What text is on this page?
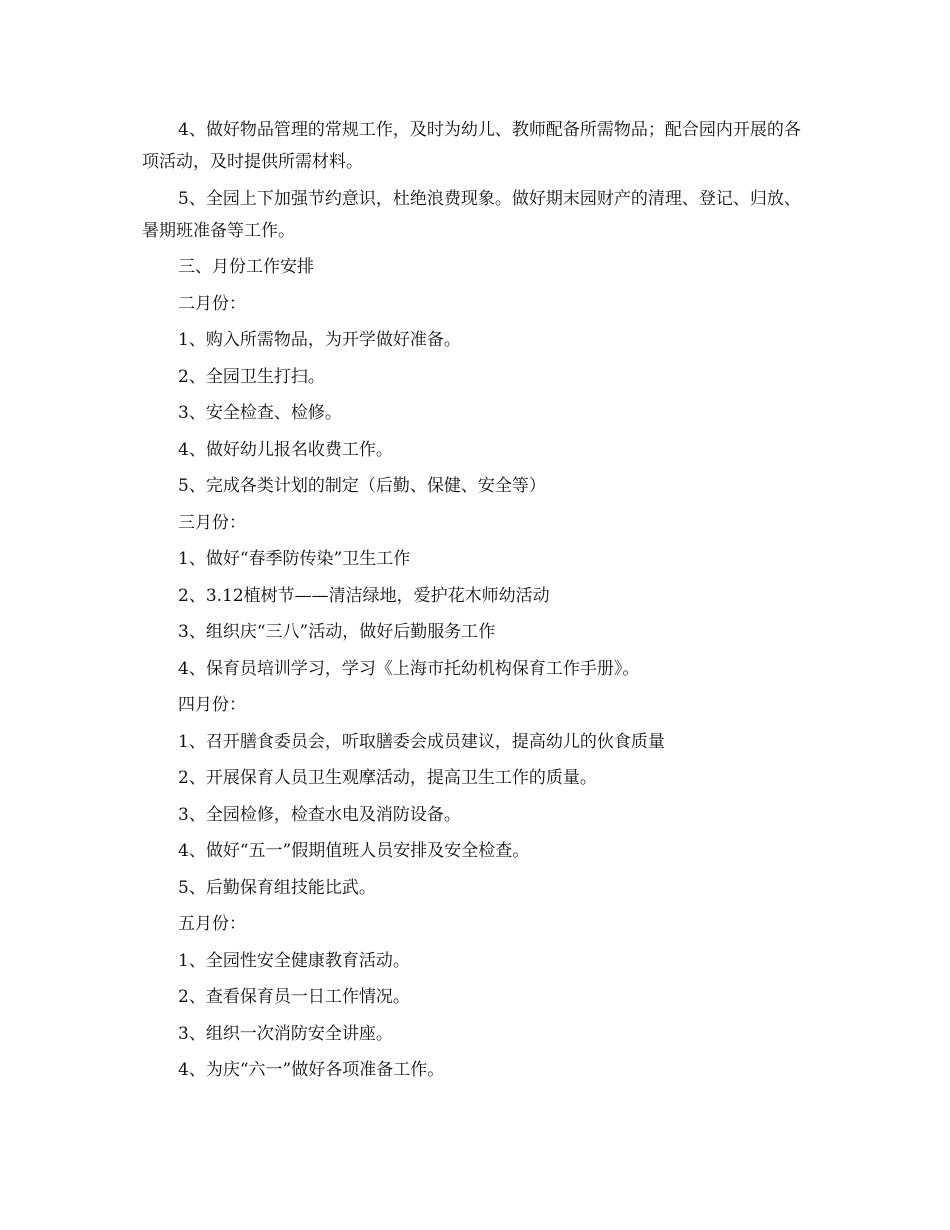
4、做好物品管理的常规工作，及时为幼儿、教师配备所需物品；配合园内开展的各项活动，及时提供所需材料。

5、全园上下加强节约意识，杜绝浪费现象。做好期末园财产的清理、登记、归放、暑期班准备等工作。

三、月份工作安排
二月份：
1、购入所需物品，为开学做好准备。
2、全园卫生打扫。
3、安全检查、检修。
4、做好幼儿报名收费工作。
5、完成各类计划的制定（后勤、保健、安全等）
三月份：
1、做好“春季防传染”卫生工作
2、3.12植树节——清洁绿地，爱护花木师幼活动
3、组织庆“三八”活动，做好后勤服务工作
4、保育员培训学习，学习《上海市托幼机构保育工作手册》。
四月份：
1、召开膳食委员会，听取膳委会成员建议，提高幼儿的伙食质量
2、开展保育人员卫生观摩活动，提高卫生工作的质量。
3、全园检修，检查水电及消防设备。
4、做好“五一”假期值班人员安排及安全检查。
5、后勤保育组技能比武。
五月份：
1、全园性安全健康教育活动。
2、查看保育员一日工作情况。
3、组织一次消防安全讲座。
4、为庆“六一”做好各项准备工作。
